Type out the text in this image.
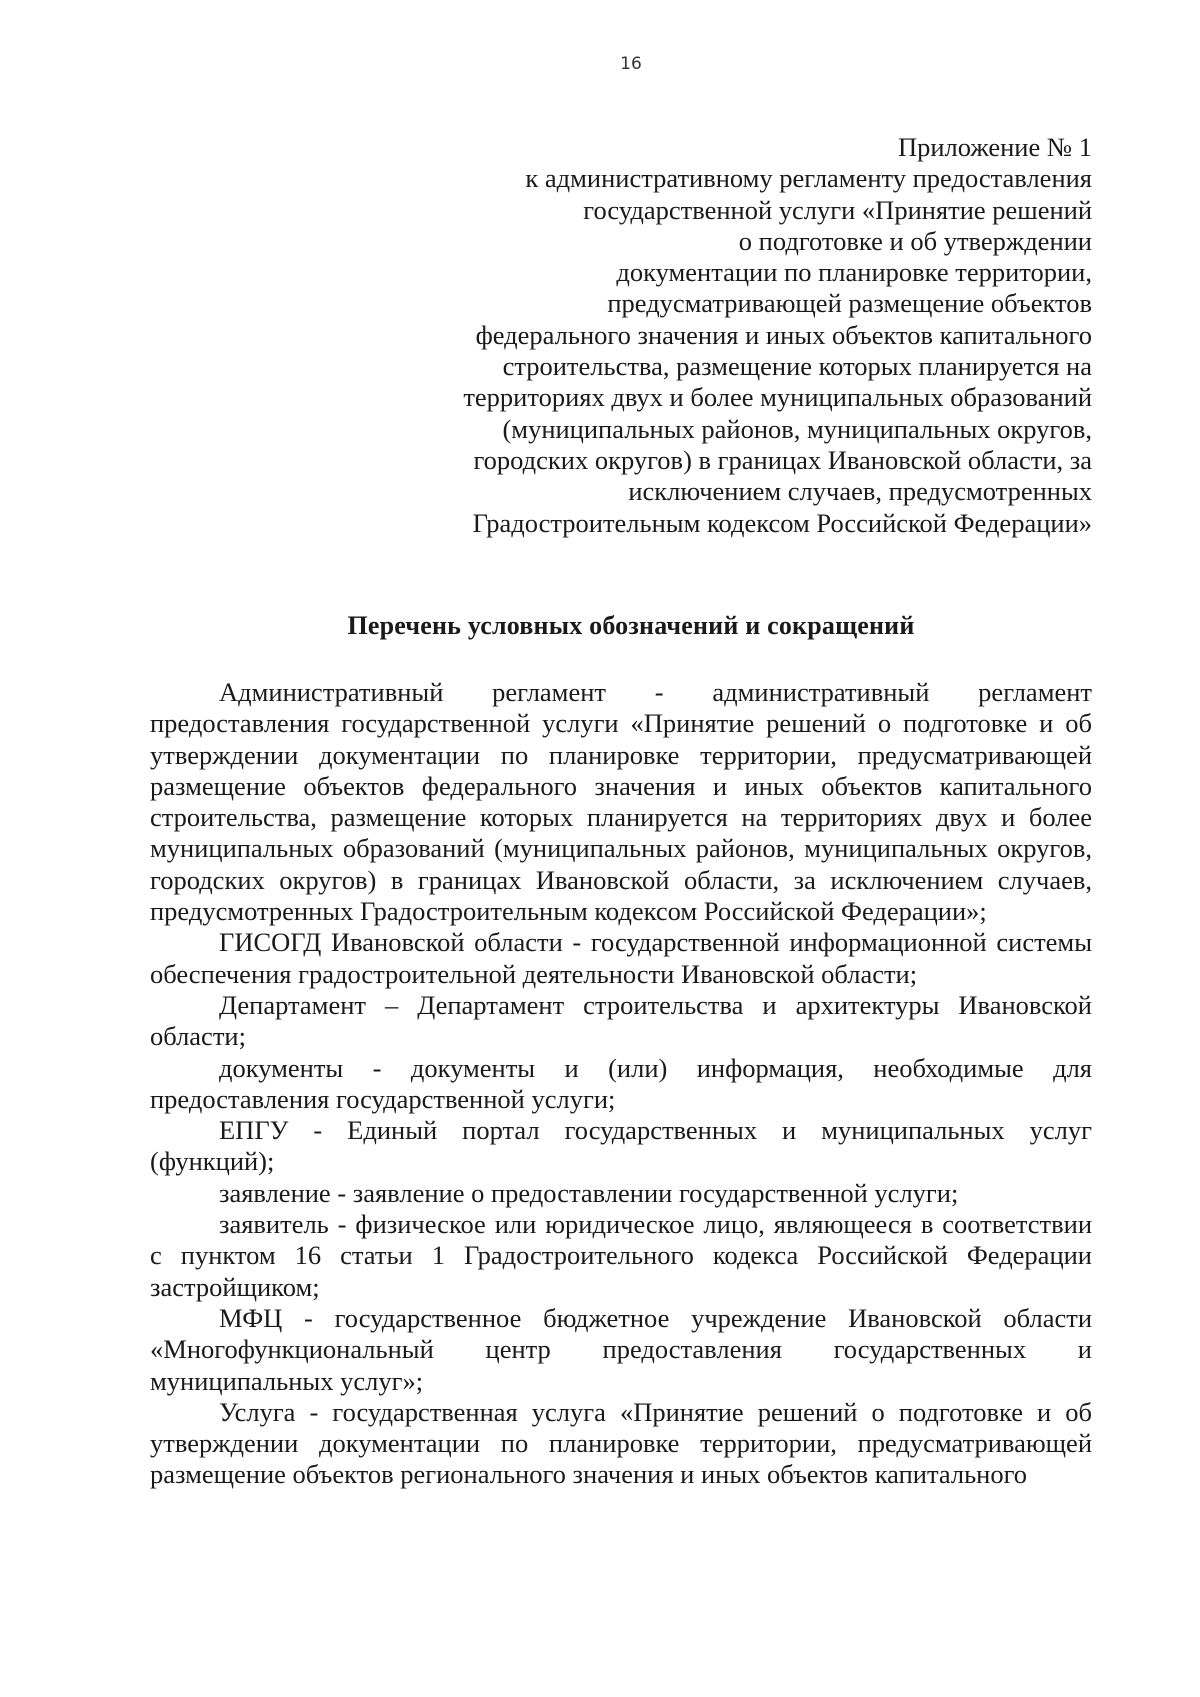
16
Приложение № 1
к административному регламенту предоставления
государственной услуги «Принятие решений
о подготовке и об утверждении
документации по планировке территории,
предусматривающей размещение объектов
федерального значения и иных объектов капитального
строительства, размещение которых планируется на
территориях двух и более муниципальных образований
(муниципальных районов, муниципальных округов,
городских округов) в границах Ивановской области, за
исключением случаев, предусмотренных
Градостроительным кодексом Российской Федерации»
Перечень условных обозначений и сокращений

Административный регламент - административный регламент предоставления государственной услуги «Принятие решений о подготовке и об утверждении документации по планировке территории, предусматривающей размещение объектов федерального значения и иных объектов капитального строительства, размещение которых планируется на территориях двух и более муниципальных образований (муниципальных районов, муниципальных округов, городских округов) в границах Ивановской области, за исключением случаев, предусмотренных Градостроительным кодексом Российской Федерации»;

ГИСОГД Ивановской области - государственной информационной системы обеспечения градостроительной деятельности Ивановской области;

Департамент – Департамент строительства и архитектуры Ивановской области;

документы - документы и (или) информация, необходимые для предоставления государственной услуги;

ЕПГУ - Единый портал государственных и муниципальных услуг (функций);

заявление - заявление о предоставлении государственной услуги;

заявитель - физическое или юридическое лицо, являющееся в соответствии с пунктом 16 статьи 1 Градостроительного кодекса Российской Федерации застройщиком;

МФЦ - государственное бюджетное учреждение Ивановской области «Многофункциональный центр предоставления государственных и муниципальных услуг»;

Услуга - государственная услуга «Принятие решений о подготовке и об утверждении документации по планировке территории, предусматривающей размещение объектов регионального значения и иных объектов капитального
